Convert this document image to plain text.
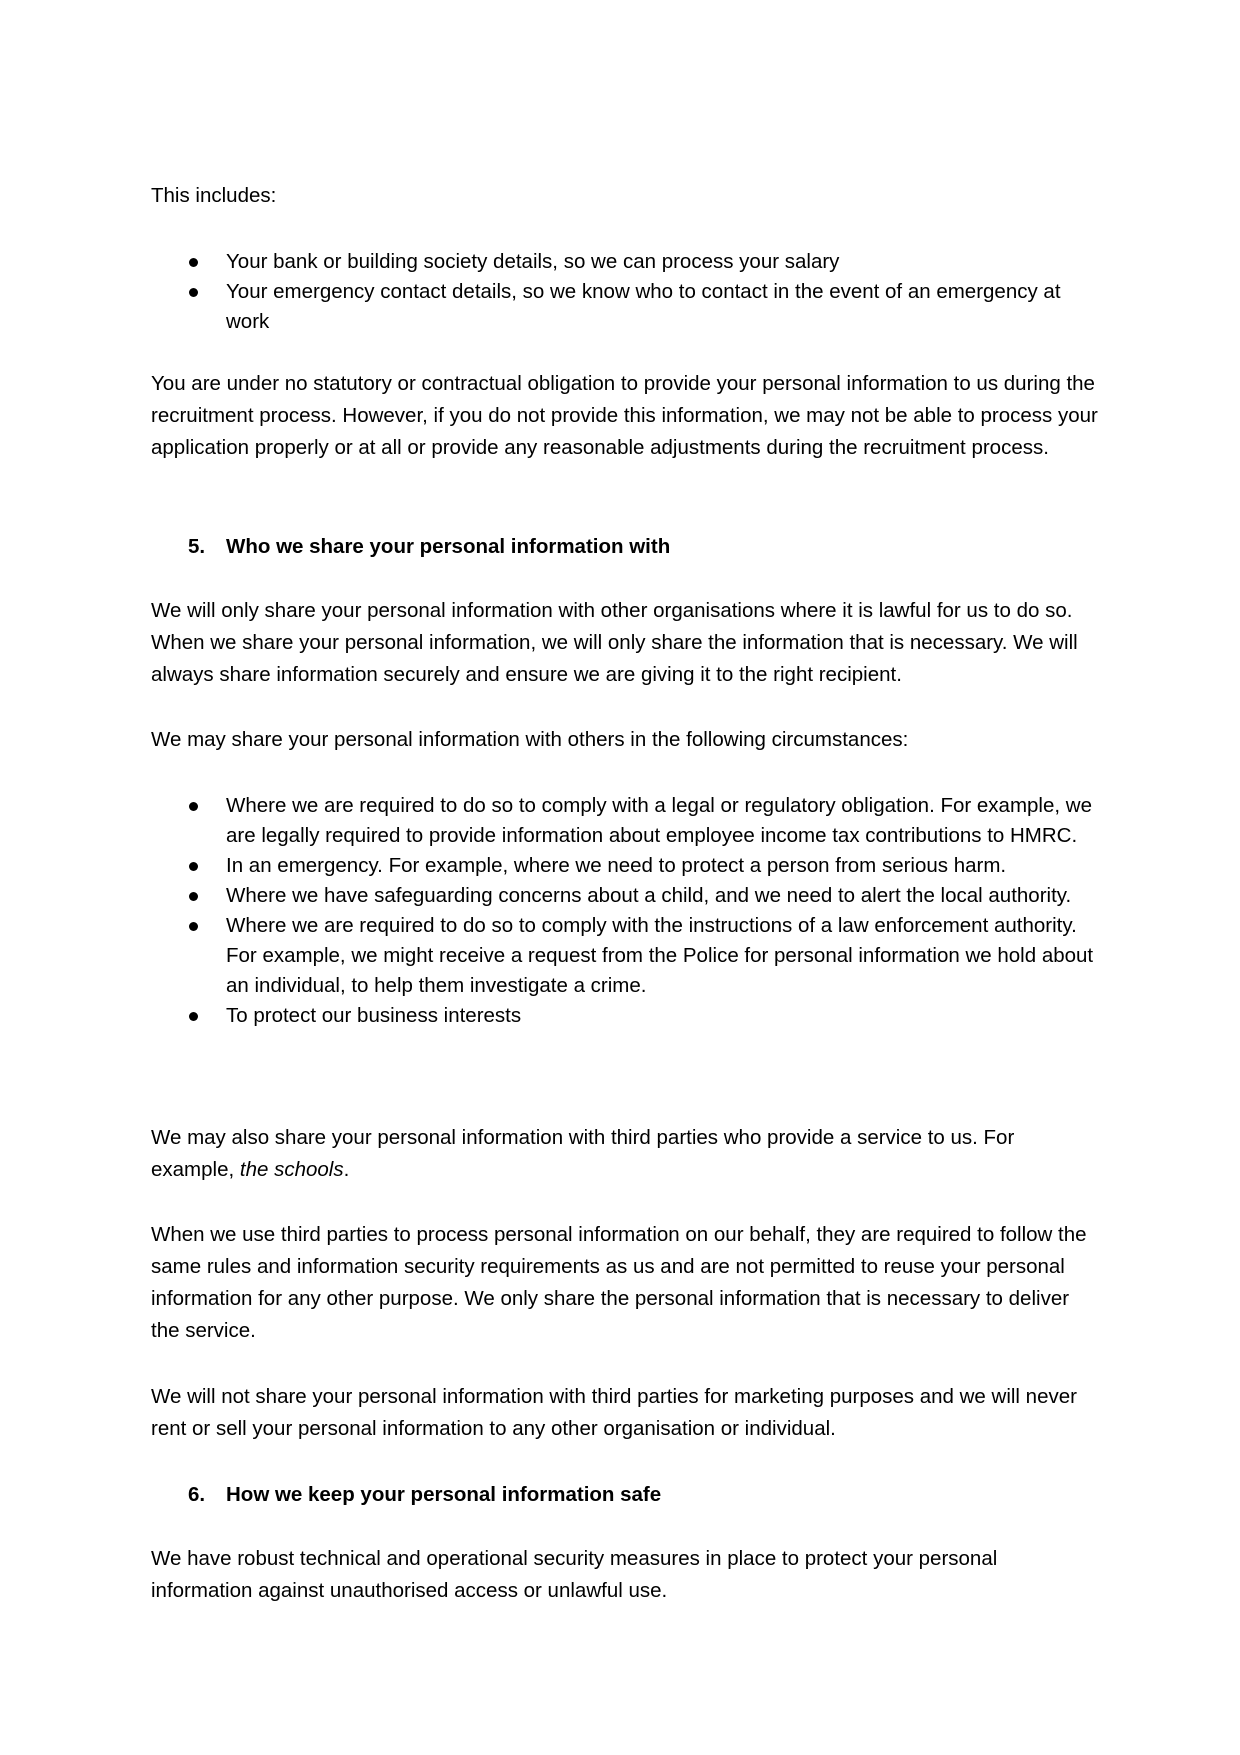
This includes:

Your bank or building society details, so we can process your salary
Your emergency contact details, so we know who to contact in the event of an emergency at work

You are under no statutory or contractual obligation to provide your personal information to us during the recruitment process. However, if you do not provide this information, we may not be able to process your application properly or at all or provide any reasonable adjustments during the recruitment process.

5. Who we share your personal information with

We will only share your personal information with other organisations where it is lawful for us to do so. When we share your personal information, we will only share the information that is necessary. We will always share information securely and ensure we are giving it to the right recipient.

We may share your personal information with others in the following circumstances:

Where we are required to do so to comply with a legal or regulatory obligation. For example, we are legally required to provide information about employee income tax contributions to HMRC.
In an emergency. For example, where we need to protect a person from serious harm.
Where we have safeguarding concerns about a child, and we need to alert the local authority.
Where we are required to do so to comply with the instructions of a law enforcement authority. For example, we might receive a request from the Police for personal information we hold about an individual, to help them investigate a crime.
To protect our business interests

We may also share your personal information with third parties who provide a service to us. For example, the schools.

When we use third parties to process personal information on our behalf, they are required to follow the same rules and information security requirements as us and are not permitted to reuse your personal information for any other purpose. We only share the personal information that is necessary to deliver the service.

We will not share your personal information with third parties for marketing purposes and we will never rent or sell your personal information to any other organisation or individual.

6. How we keep your personal information safe

We have robust technical and operational security measures in place to protect your personal information against unauthorised access or unlawful use.
